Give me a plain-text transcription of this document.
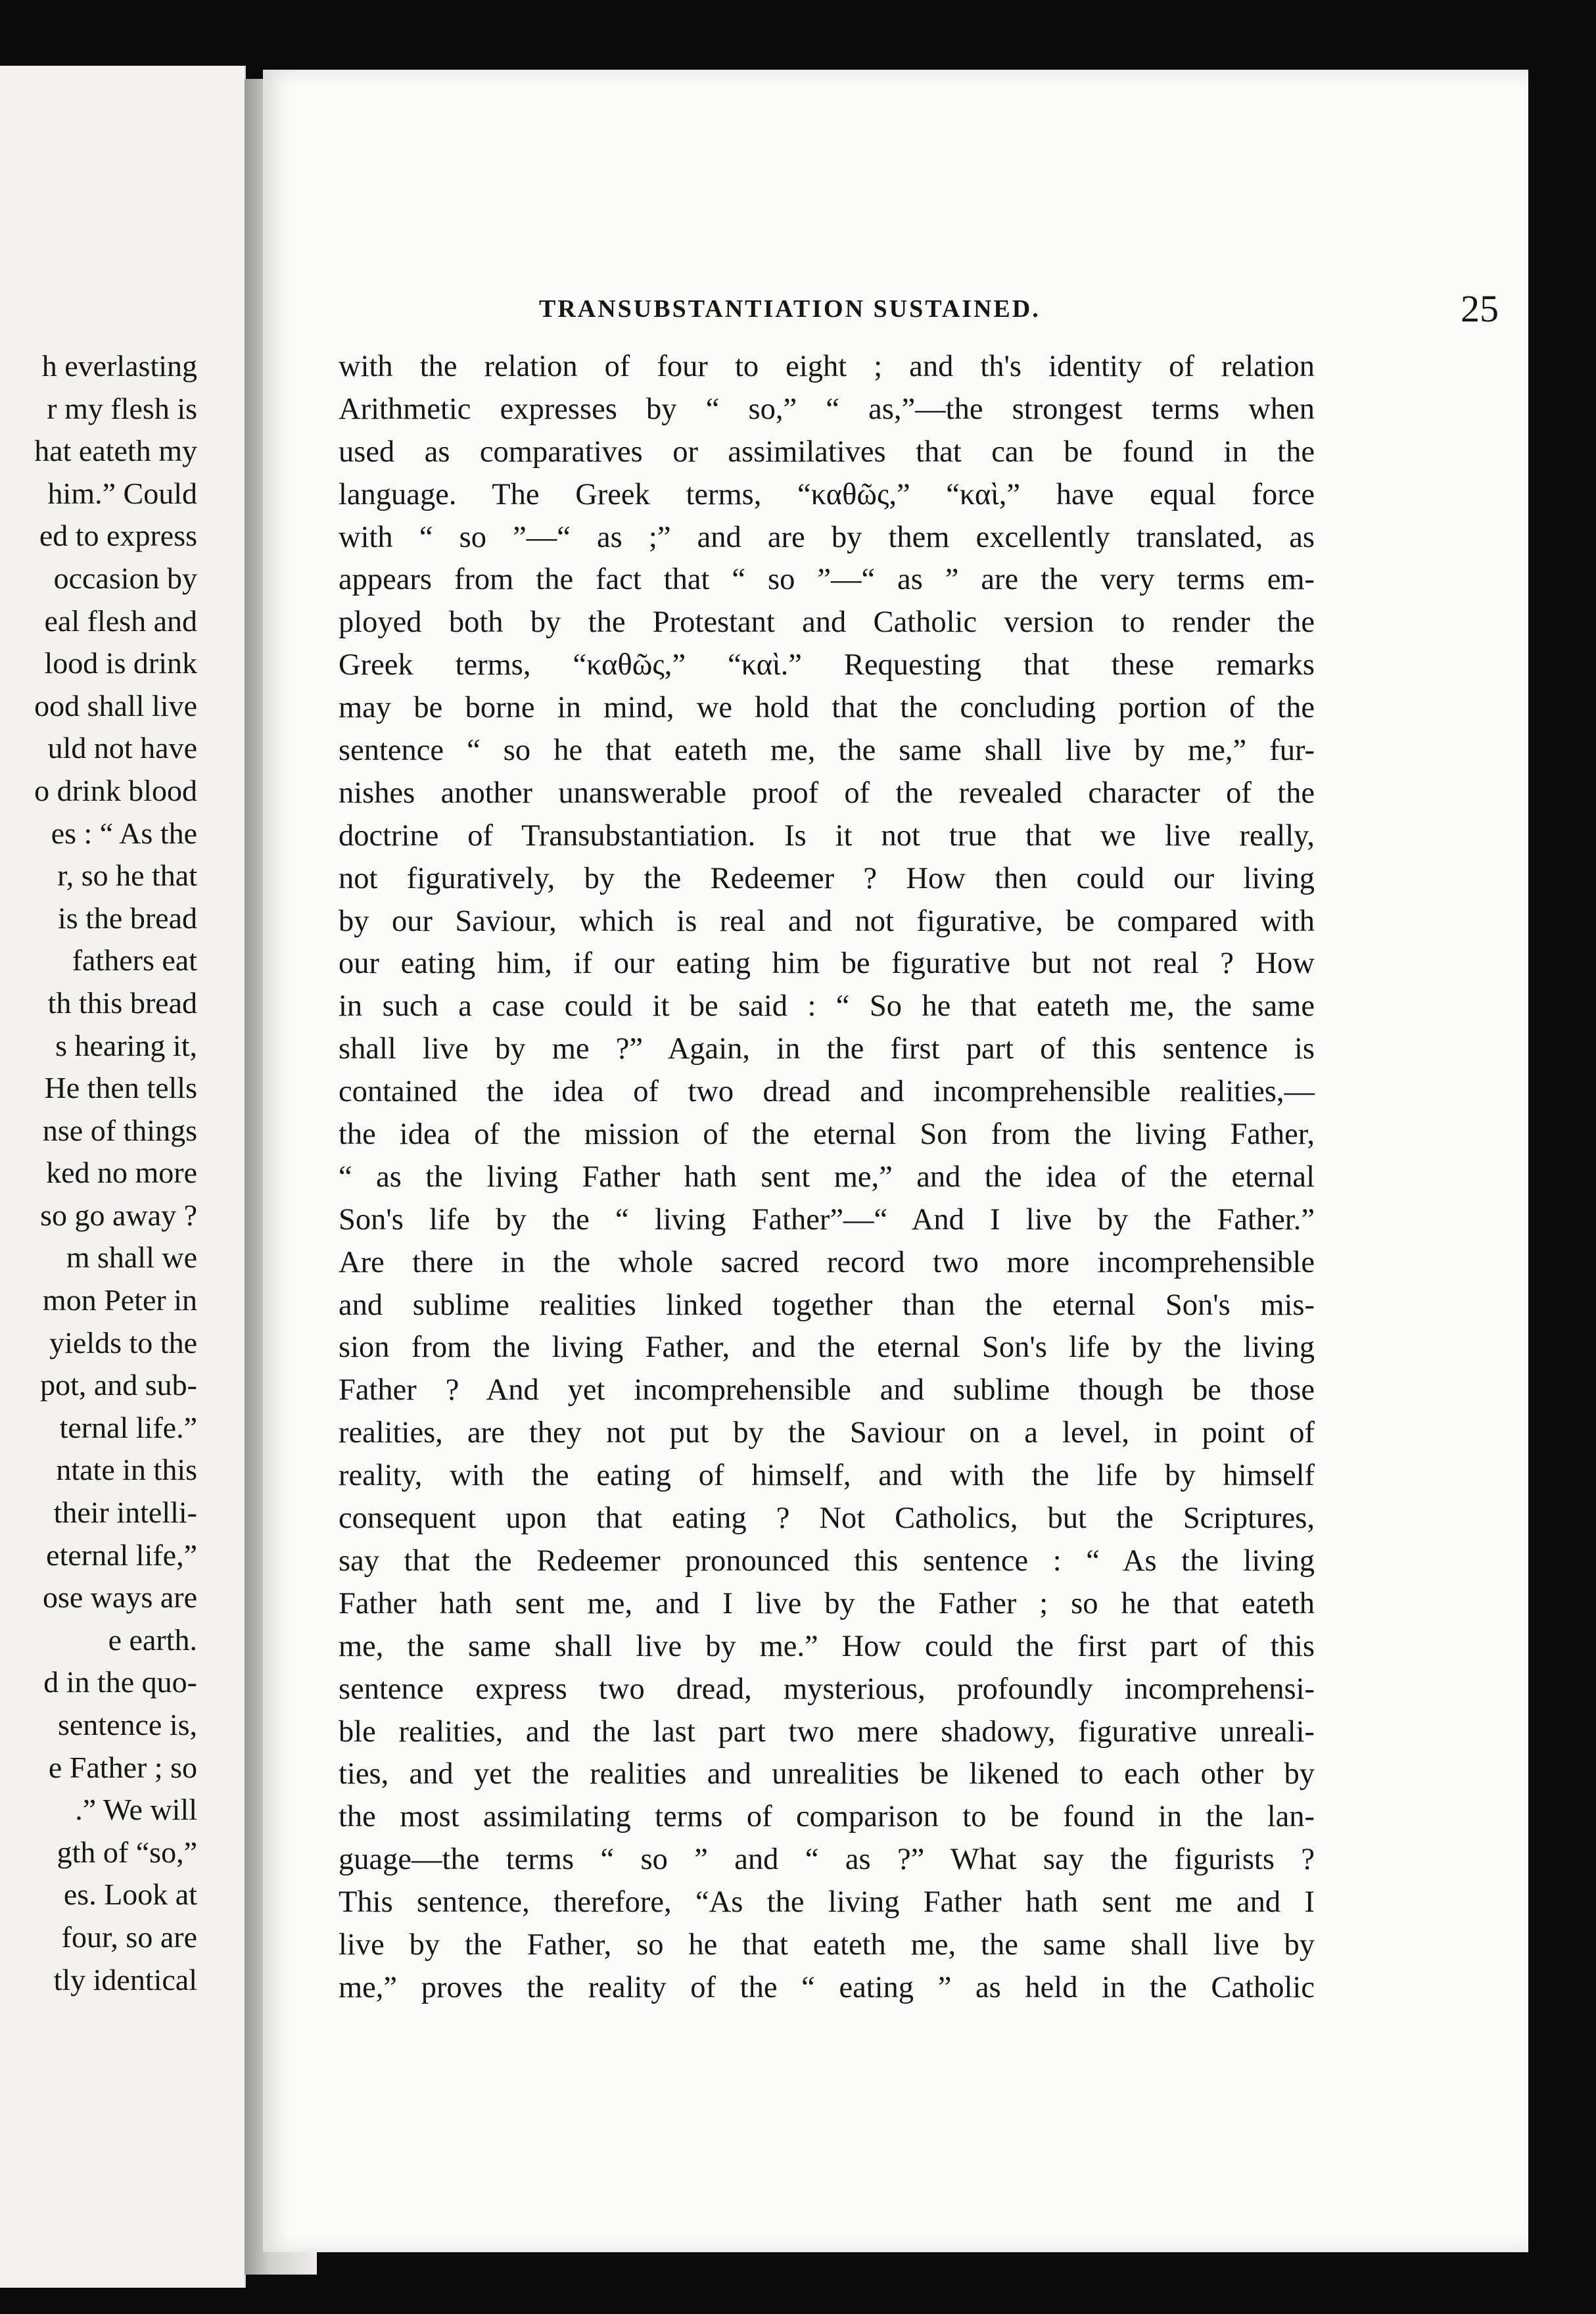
h everlasting
r my flesh is
hat eateth my
him.” Could
ed to express
occasion by
eal flesh and
lood is drink
ood shall live
uld not have
o drink blood
es : “ As the
r, so he that
is the bread
fathers eat
th this bread
s hearing it,
He then tells
nse of things
ked no more
so go away ?
m shall we
mon Peter in
yields to the
pot, and sub-
ternal life.”
ntate in this
their intelli-
eternal life,”
ose ways are
e earth.
d in the quo-
sentence is,
e Father ; so
.” We will
gth of “so,”
es. Look at
four, so are
tly identical
TRANSUBSTANTIATION SUSTAINED.	25
with the relation of four to eight ; and th's identity of relation
Arithmetic expresses by “ so,” “ as,”—the strongest terms when
used as comparatives or assimilatives that can be found in the
language. The Greek terms, “καθῶς,” “καὶ,” have equal force
with “ so ”—“ as ;” and are by them excellently translated, as
appears from the fact that “ so ”—“ as ” are the very terms em-
ployed both by the Protestant and Catholic version to render the
Greek terms, “καθῶς,” “καὶ.” Requesting that these remarks
may be borne in mind, we hold that the concluding portion of the
sentence “ so he that eateth me, the same shall live by me,” fur-
nishes another unanswerable proof of the revealed character of the
doctrine of Transubstantiation. Is it not true that we live really,
not figuratively, by the Redeemer ? How then could our living
by our Saviour, which is real and not figurative, be compared with
our eating him, if our eating him be figurative but not real ? How
in such a case could it be said : “ So he that eateth me, the same
shall live by me ?” Again, in the first part of this sentence is
contained the idea of two dread and incomprehensible realities,—
the idea of the mission of the eternal Son from the living Father,
“ as the living Father hath sent me,” and the idea of the eternal
Son's life by the “ living Father”—“ And I live by the Father.”
Are there in the whole sacred record two more incomprehensible
and sublime realities linked together than the eternal Son's mis-
sion from the living Father, and the eternal Son's life by the living
Father ? And yet incomprehensible and sublime though be those
realities, are they not put by the Saviour on a level, in point of
reality, with the eating of himself, and with the life by himself
consequent upon that eating ? Not Catholics, but the Scriptures,
say that the Redeemer pronounced this sentence : “ As the living
Father hath sent me, and I live by the Father ; so he that eateth
me, the same shall live by me.” How could the first part of this
sentence express two dread, mysterious, profoundly incomprehensi-
ble realities, and the last part two mere shadowy, figurative unreali-
ties, and yet the realities and unrealities be likened to each other by
the most assimilating terms of comparison to be found in the lan-
guage—the terms “ so ” and “ as ?” What say the figurists ?
This sentence, therefore, “As the living Father hath sent me and I
live by the Father, so he that eateth me, the same shall live by
me,” proves the reality of the “ eating ” as held in the Catholic
